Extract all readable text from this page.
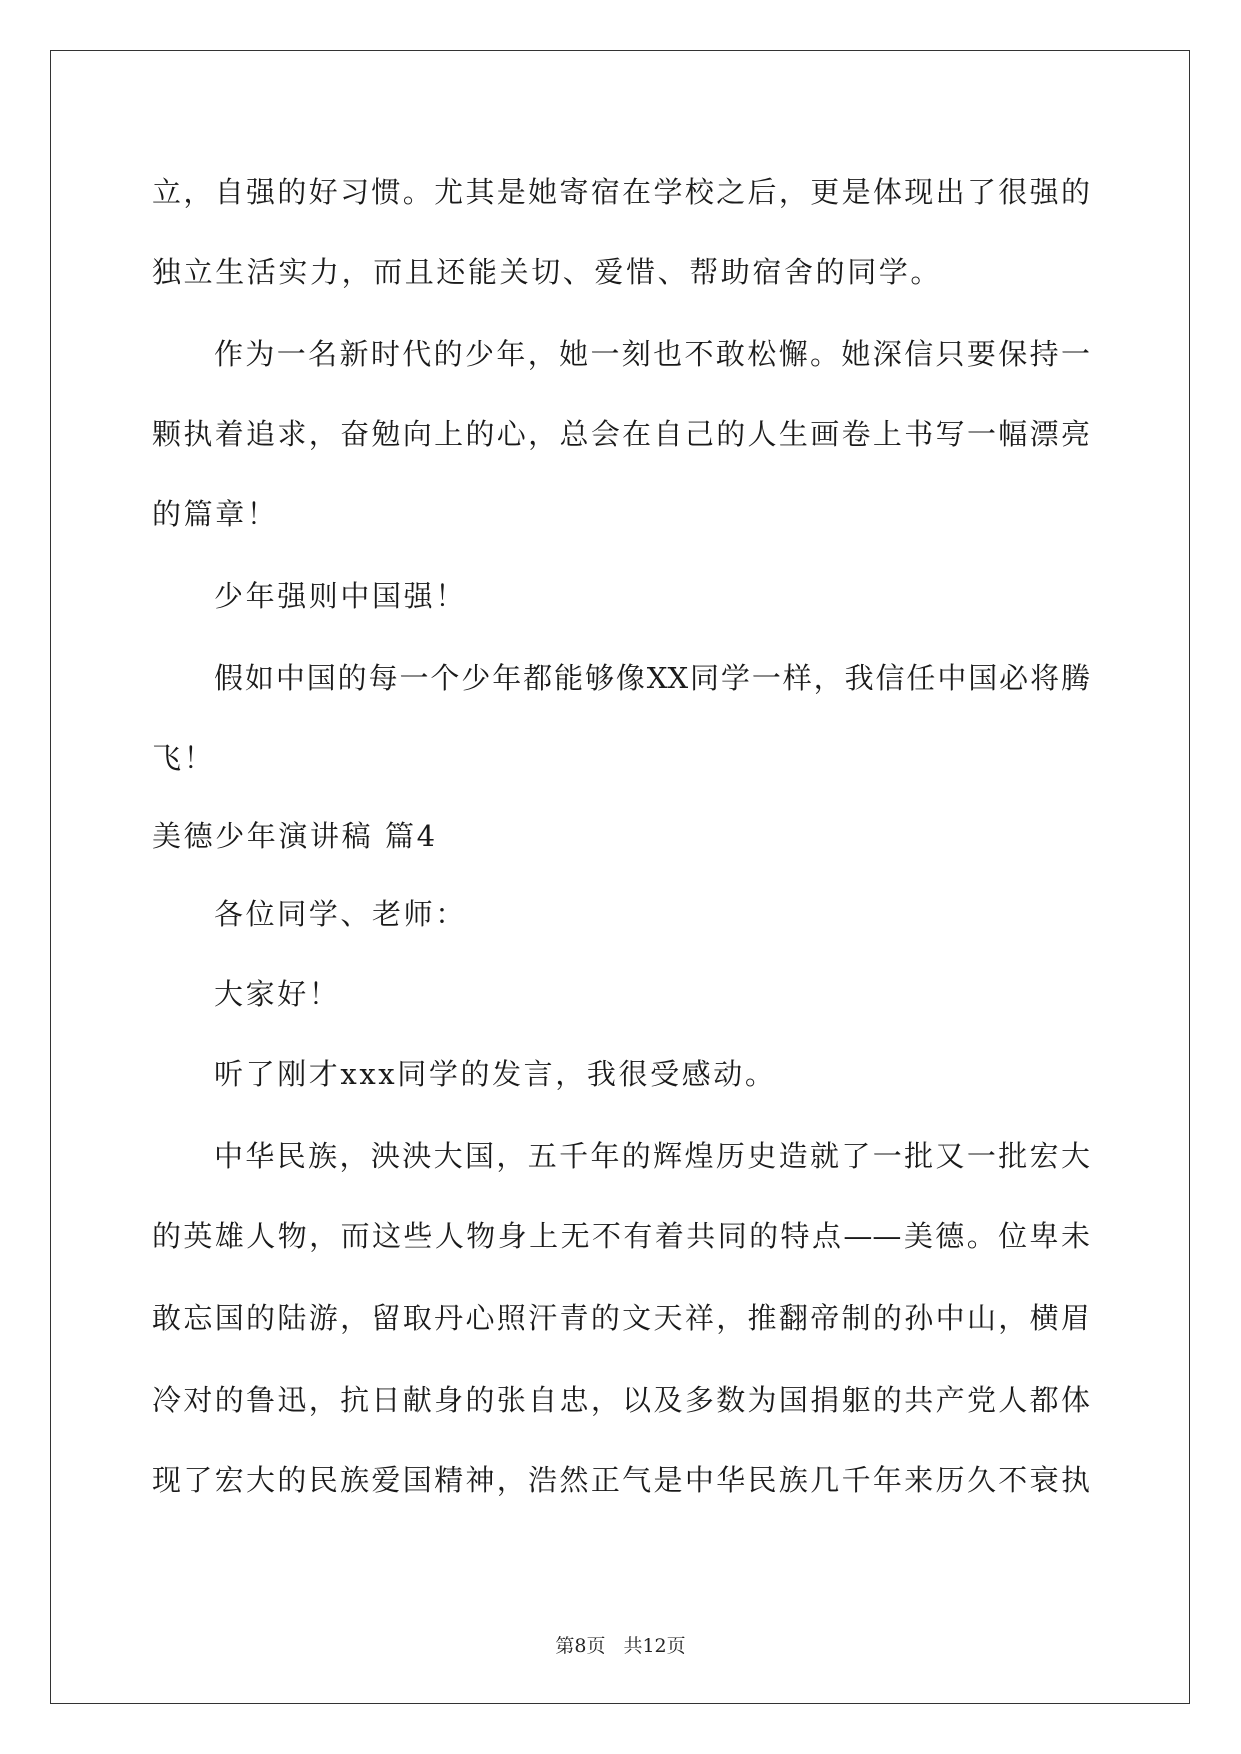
立，自强的好习惯。尤其是她寄宿在学校之后，更是体现出了很强的
独立生活实力，而且还能关切、爱惜、帮助宿舍的同学。
作为一名新时代的少年，她一刻也不敢松懈。她深信只要保持一
颗执着追求，奋勉向上的心，总会在自己的人生画卷上书写一幅漂亮
的篇章！
少年强则中国强！
假如中国的每一个少年都能够像XX同学一样，我信任中国必将腾
飞！
美德少年演讲稿 篇4
各位同学、老师：
大家好！
听了刚才xxx同学的发言，我很受感动。
中华民族，泱泱大国，五千年的辉煌历史造就了一批又一批宏大
的英雄人物，而这些人物身上无不有着共同的特点——美德。位卑未
敢忘国的陆游，留取丹心照汗青的文天祥，推翻帝制的孙中山，横眉
冷对的鲁迅，抗日献身的张自忠，以及多数为国捐躯的共产党人都体
现了宏大的民族爱国精神，浩然正气是中华民族几千年来历久不衰执
第8页 共12页
